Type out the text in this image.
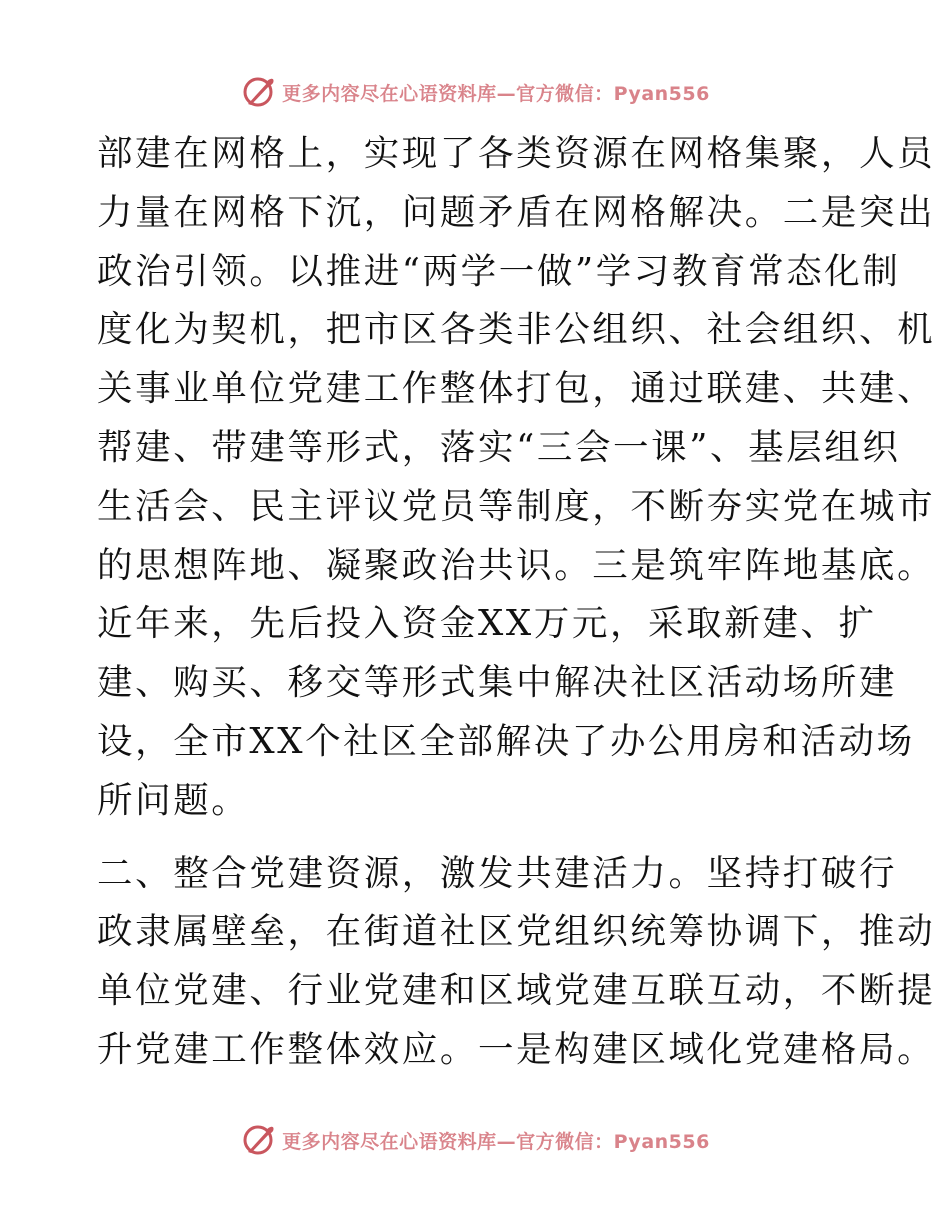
更多内容尽在心语资料库—官方微信：Pyan556
部建在网格上，实现了各类资源在网格集聚，人员
力量在网格下沉，问题矛盾在网格解决。二是突出
政治引领。以推进“两学一做”学习教育常态化制
度化为契机，把市区各类非公组织、社会组织、机
关事业单位党建工作整体打包，通过联建、共建、
帮建、带建等形式，落实“三会一课”、基层组织
生活会、民主评议党员等制度，不断夯实党在城市
的思想阵地、凝聚政治共识。三是筑牢阵地基底。
近年来，先后投入资金XX万元，采取新建、扩
建、购买、移交等形式集中解决社区活动场所建
设，全市XX个社区全部解决了办公用房和活动场
所问题。
二、整合党建资源，激发共建活力。坚持打破行
政隶属壁垒，在街道社区党组织统筹协调下，推动
单位党建、行业党建和区域党建互联互动，不断提
升党建工作整体效应。一是构建区域化党建格局。
更多内容尽在心语资料库—官方微信：Pyan556
